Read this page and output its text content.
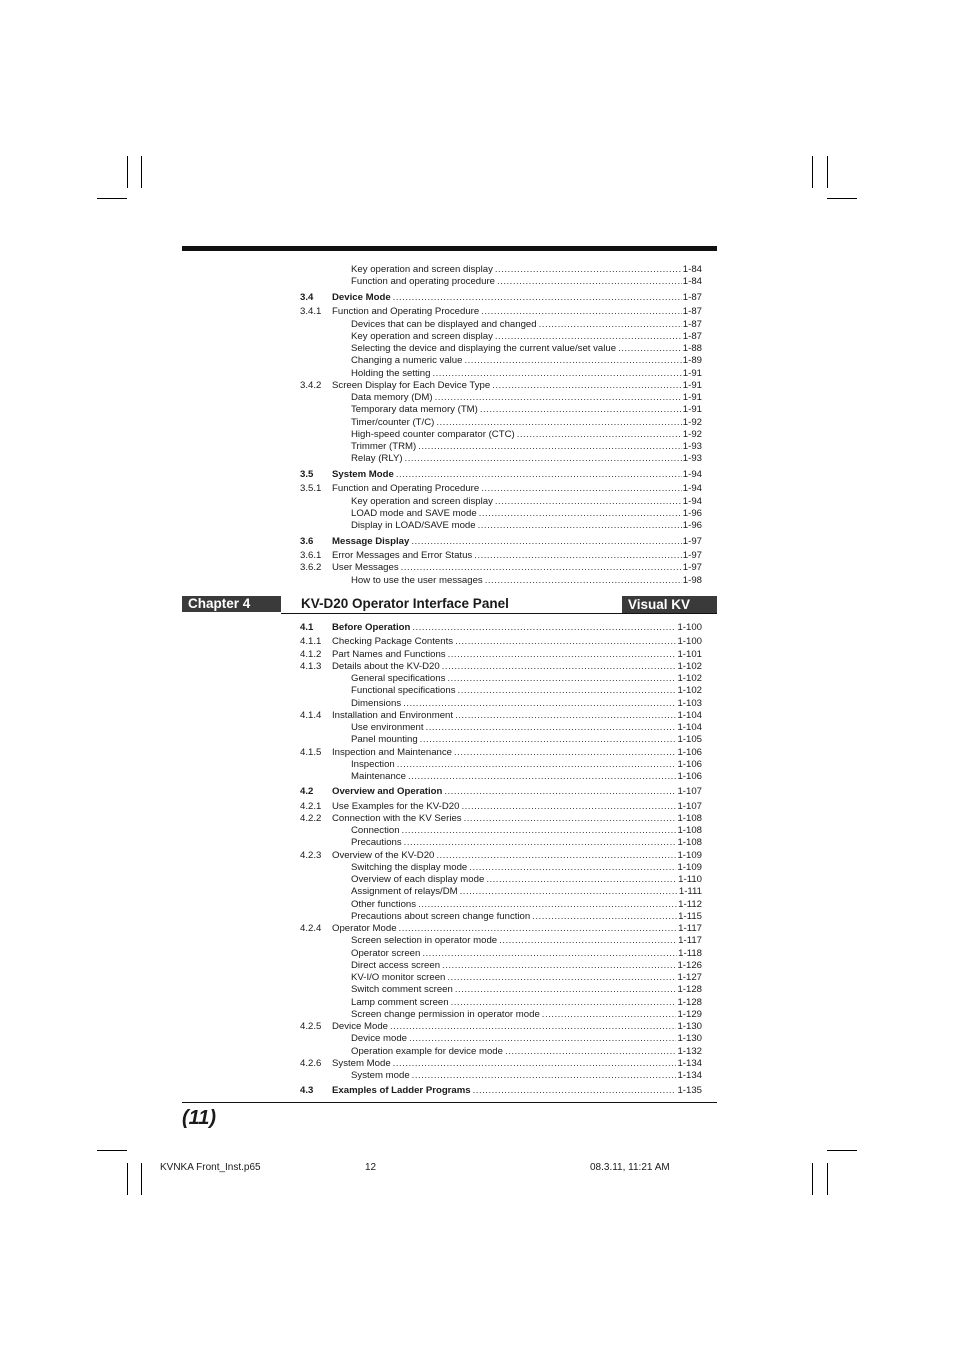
Key operation and screen display .....	1-84
Function and operating procedure .....	1-84
3.4	Device Mode .....	1-87
3.4.1	Function and Operating Procedure .....	1-87
Devices that can be displayed and changed .....	1-87
Key operation and screen display .....	1-87
Selecting the device and displaying the current value/set value .....	1-88
Changing a numeric value .....	1-89
Holding the setting .....	1-91
3.4.2	Screen Display for Each Device Type .....	1-91
Data memory (DM) .....	1-91
Temporary data memory (TM) .....	1-91
Timer/counter (T/C) .....	1-92
High-speed counter comparator (CTC) .....	1-92
Trimmer (TRM) .....	1-93
Relay (RLY) .....	1-93
3.5	System Mode .....	1-94
3.5.1	Function and Operating Procedure .....	1-94
Key operation and screen display .....	1-94
LOAD mode and SAVE mode .....	1-96
Display in LOAD/SAVE mode .....	1-96
3.6	Message Display .....	1-97
3.6.1	Error Messages and Error Status .....	1-97
3.6.2	User Messages .....	1-97
How to use the user messages .....	1-98
Chapter 4	KV-D20 Operator Interface Panel	Visual KV
4.1	Before Operation .....	1-100
4.1.1	Checking Package Contents .....	1-100
4.1.2	Part Names and Functions .....	1-101
4.1.3	Details about the KV-D20 .....	1-102
General specifications .....	1-102
Functional specifications .....	1-102
Dimensions .....	1-103
4.1.4	Installation and Environment .....	1-104
Use environment .....	1-104
Panel mounting .....	1-105
4.1.5	Inspection and Maintenance .....	1-106
Inspection .....	1-106
Maintenance .....	1-106
4.2	Overview and Operation .....	1-107
4.2.1	Use Examples for the KV-D20 .....	1-107
4.2.2	Connection with the KV Series .....	1-108
Connection .....	1-108
Precautions .....	1-108
4.2.3	Overview of the KV-D20 .....	1-109
Switching the display mode .....	1-109
Overview of each display mode .....	1-110
Assignment of relays/DM .....	1-111
Other functions .....	1-112
Precautions about screen change function .....	1-115
4.2.4	Operator Mode .....	1-117
Screen selection in operator mode .....	1-117
Operator screen .....	1-118
Direct access screen .....	1-126
KV-I/O monitor screen .....	1-127
Switch comment screen .....	1-128
Lamp comment screen .....	1-128
Screen change permission in operator mode .....	1-129
4.2.5	Device Mode .....	1-130
Device mode .....	1-130
Operation example for device mode .....	1-132
4.2.6	System Mode .....	1-134
System mode .....	1-134
4.3	Examples of Ladder Programs .....	1-135
(11)
KVNKA Front_Inst.p65	12	08.3.11, 11:21 AM
